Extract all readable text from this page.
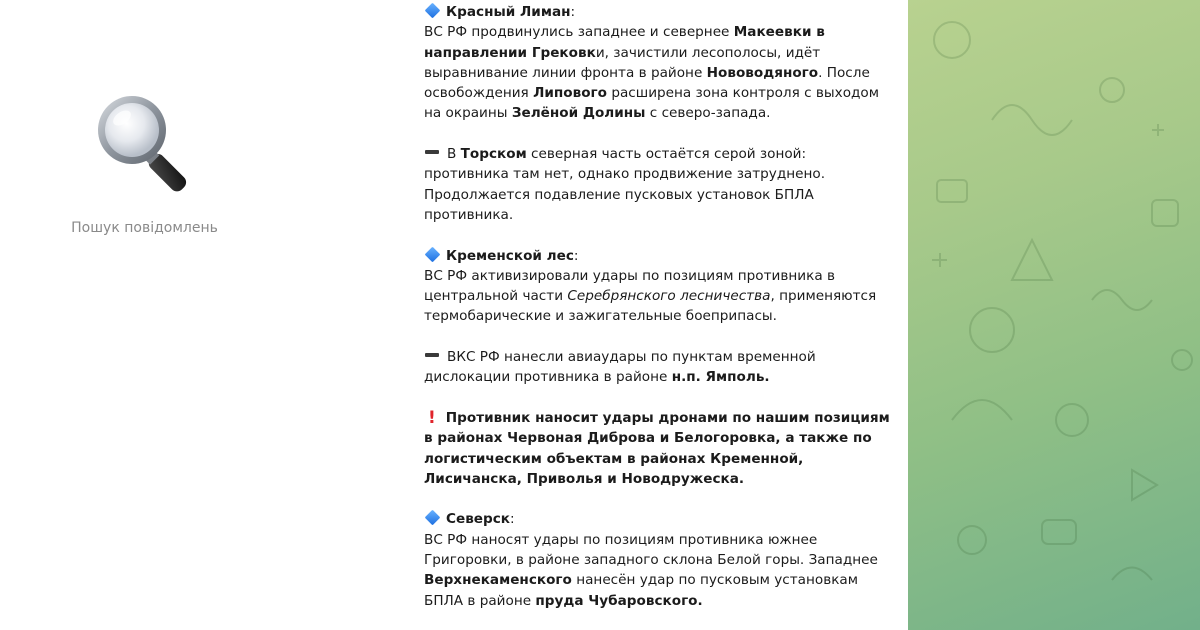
Пошук повідомлень
Красный Лиман:
ВС РФ продвинулись западнее и севернее Макеевки в направлении Грековки, зачистили лесополосы, идёт выравнивание линии фронта в районе Нововодяного. После освобождения Липового расширена зона контроля с выходом на окраины Зелёной Долины с северо-запада.
В Торском северная часть остаётся серой зоной: противника там нет, однако продвижение затруднено. Продолжается подавление пусковых установок БПЛА противника.
Кременской лес:
ВС РФ активизировали удары по позициям противника в центральной части Серебрянского лесничества, применяются термобарические и зажигательные боеприпасы.
ВКС РФ нанесли авиаудары по пунктам временной дислокации противника в районе н.п. Ямполь.
! Противник наносит удары дронами по нашим позициям в районах Червоная Диброва и Белогоровка, а также по логистическим объектам в районах Кременной, Лисичанска, Приволья и Новодружеска.
Северск:
ВС РФ наносят удары по позициям противника южнее Григоровки, в районе западного склона Белой горы. Западнее Верхнекаменского нанесён удар по пусковым установкам БПЛА в районе пруда Чубаровского.
